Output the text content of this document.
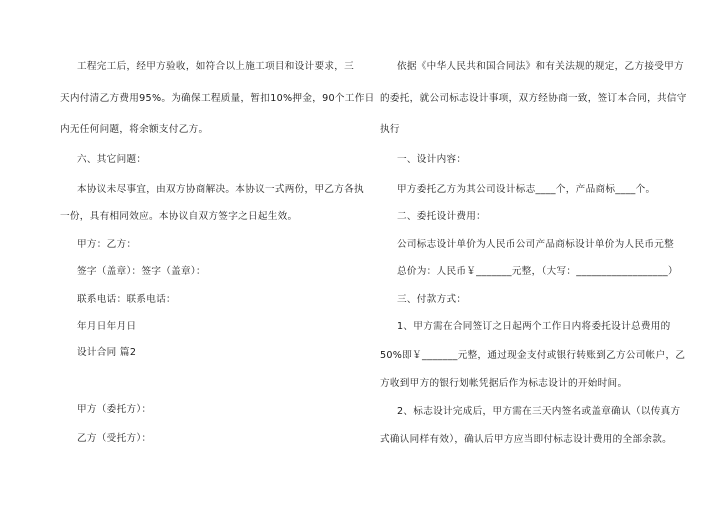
工程完工后，经甲方验收，如符合以上施工项目和设计要求，三
天内付清乙方费用95%。为确保工程质量，暂扣10%押金，90个工作日
内无任何问题，将余额支付乙方。
六、其它问题：
本协议未尽事宜，由双方协商解决。本协议一式两份，甲乙方各执
一份，具有相同效应。本协议自双方签字之日起生效。
甲方：乙方：
签字（盖章）：签字（盖章）：
联系电话：联系电话：
年月日年月日
设计合同 篇2
甲方（委托方）：
乙方（受托方）：
依据《中华人民共和国合同法》和有关法规的规定，乙方接受甲方
的委托，就公司标志设计事项，双方经协商一致，签订本合同，共信守
执行
一、设计内容：
甲方委托乙方为其公司设计标志____个，产品商标____个。
二、委托设计费用：
公司标志设计单价为人民币公司产品商标设计单价为人民币元整
总价为：人民币￥_______元整，（大写：__________________）
三、付款方式：
1、甲方需在合同签订之日起两个工作日内将委托设计总费用的
50%即￥_______元整，通过现金支付或银行转账到乙方公司帐户，乙
方收到甲方的银行划帐凭据后作为标志设计的开始时间。
2、标志设计完成后，甲方需在三天内签名或盖章确认（以传真方
式确认同样有效），确认后甲方应当即付标志设计费用的全部余款。
